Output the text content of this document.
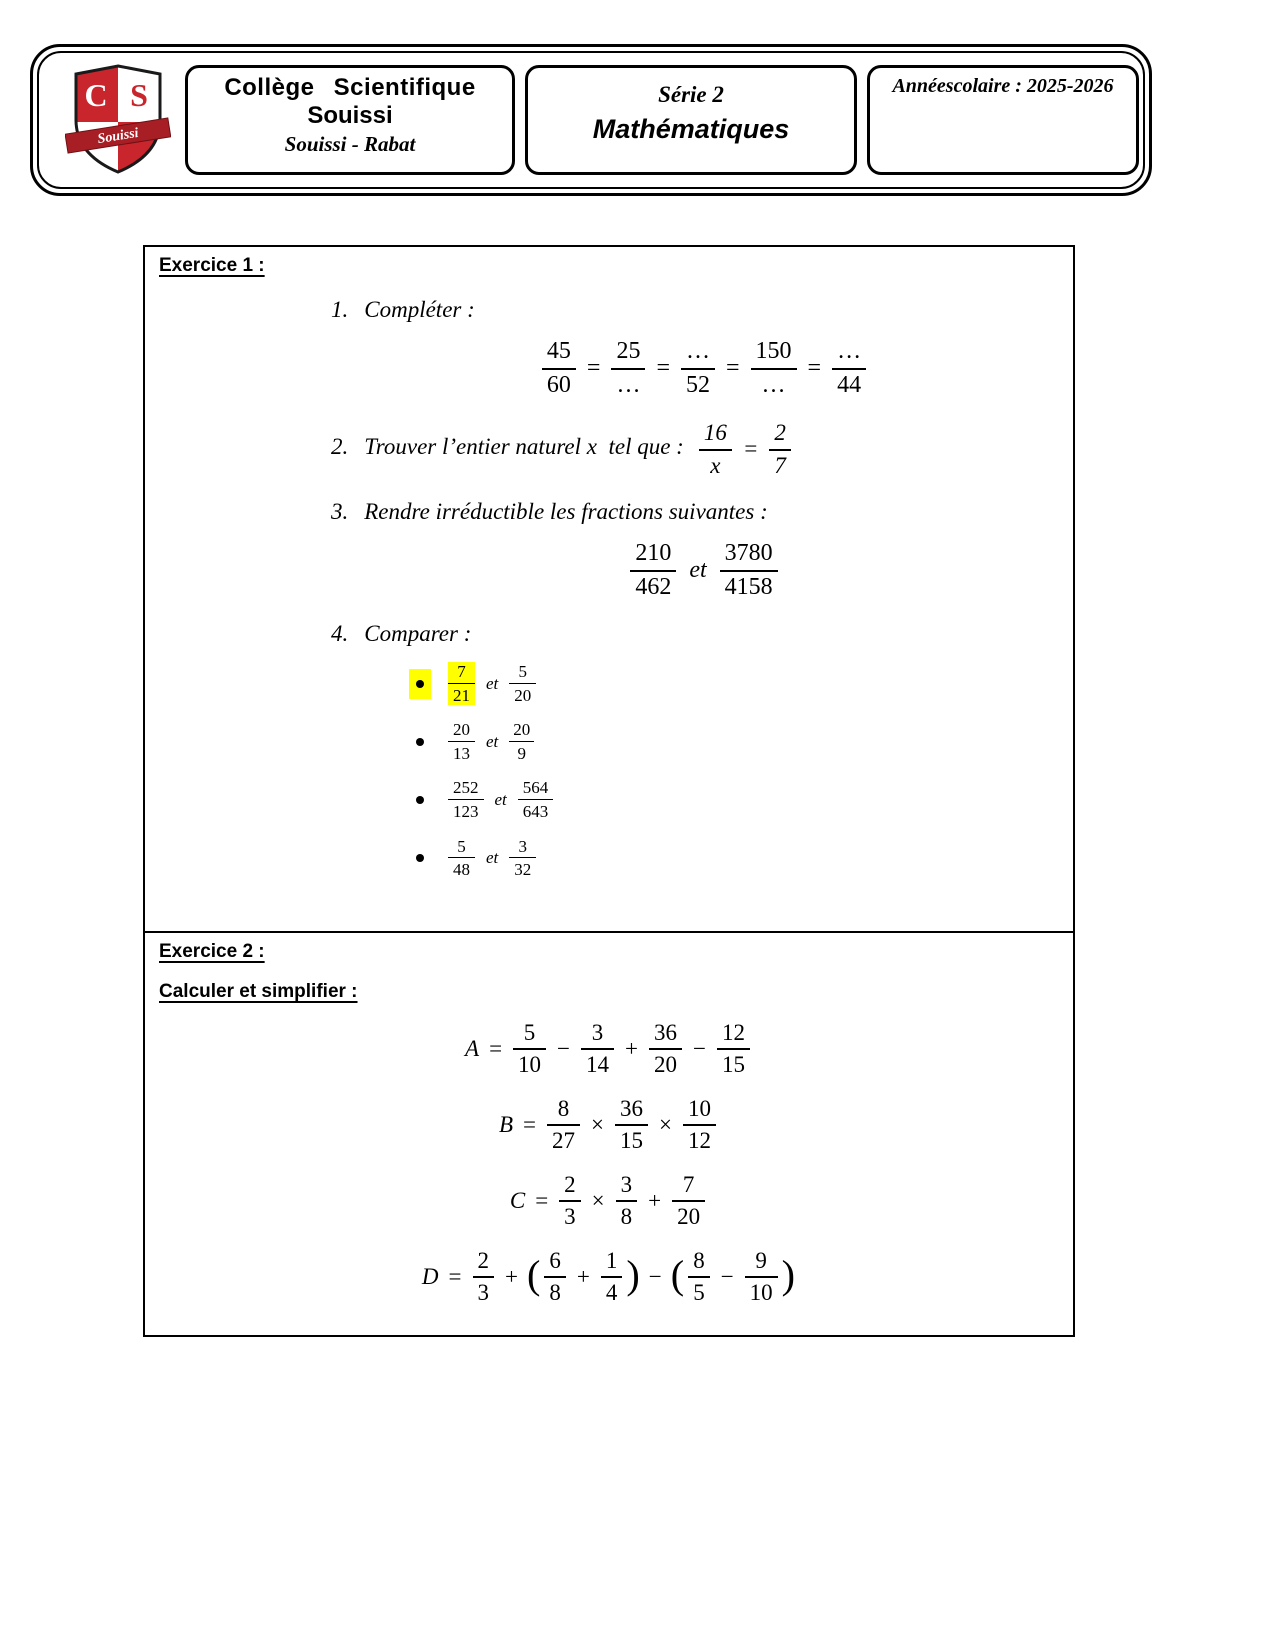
C S
Souissi
Collège Scientifique
Souissi
Souissi - Rabat
Série 2
Mathématiques
Annéescolaire : 2025-2026
Exercice 1 :
1. Compléter :
$\frac{45}{60} = \frac{25}{\dots} = \frac{\dots}{52} = \frac{150}{\dots} = \frac{\dots}{44}$
2. Trouver l’entier naturel x  tel que : $\frac{16}{x} = \frac{2}{7}$
3. Rendre irréductible les fractions suivantes :
$\frac{210}{462}$ et $\frac{3780}{4158}$
4. Comparer :
$\frac{7}{21}$ et $\frac{5}{20}$
$\frac{20}{13}$ et $\frac{20}{9}$
$\frac{252}{123}$ et $\frac{564}{643}$
$\frac{5}{48}$ et $\frac{3}{32}$
Exercice 2 :
Calculer et simplifier :
$A = \frac{5}{10} - \frac{3}{14} + \frac{36}{20} - \frac{12}{15}$
$B = \frac{8}{27} \times \frac{36}{15} \times \frac{10}{12}$
$C = \frac{2}{3} \times \frac{3}{8} + \frac{7}{20}$
$D = \frac{2}{3}$ + ( $\frac{6}{8} + \frac{1}{4}$ ) − ( $\frac{8}{5} - \frac{9}{10}$ )
